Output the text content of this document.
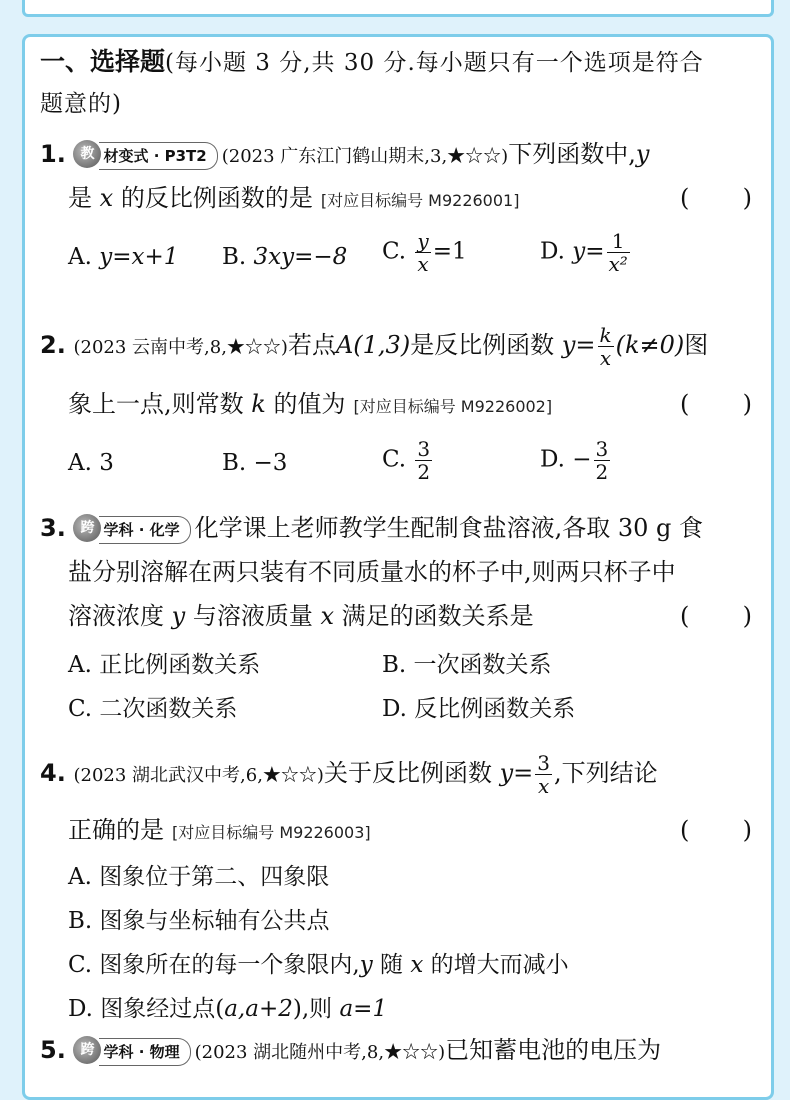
一、选择题(每小题 3 分,共 30 分.每小题只有一个选项是符合
题意的)
1.	教 材变式 · P3T2 (2023 广东江门鹤山期末,3,★☆☆)下列函数中,y
是 x 的反比例函数的是 [对应目标编号 M9226001]	( )
A. y=x+1 B. 3xy=−8 C. $\frac{y}{x} =1$	D. $y= \frac{1}{\text{x²}}$
2. (2023 云南中考,8,★☆☆)若点A(1,3)是反比例函数 $y= \frac{k}{x} (k\ne 0)$图
象上一点,则常数 k 的值为 [对应目标编号 M9226002]	( )
A. 3	B. −3	C. $\frac{3}{2}$	D. − $\frac{3}{2}$
3.	跨 学科 · 化学 化学课上老师教学生配制食盐溶液,各取 30 g 食
盐分别溶解在两只装有不同质量水的杯子中,则两只杯子中
溶液浓度 y 与溶液质量 x 满足的函数关系是	( )
A. 正比例函数关系	B. 一次函数关系
C. 二次函数关系	D. 反比例函数关系
4. (2023 湖北武汉中考,6,★☆☆)关于反比例函数 $y= \frac{3}{x}$ ,下列结论
正确的是 [对应目标编号 M9226003]	( )
A. 图象位于第二、四象限
B. 图象与坐标轴有公共点
C. 图象所在的每一个象限内,y 随 x 的增大而减小
D. 图象经过点(a,a+2),则 a=1
5.	跨 学科 · 物理 (2023 湖北随州中考,8,★☆☆)已知蓄电池的电压为
